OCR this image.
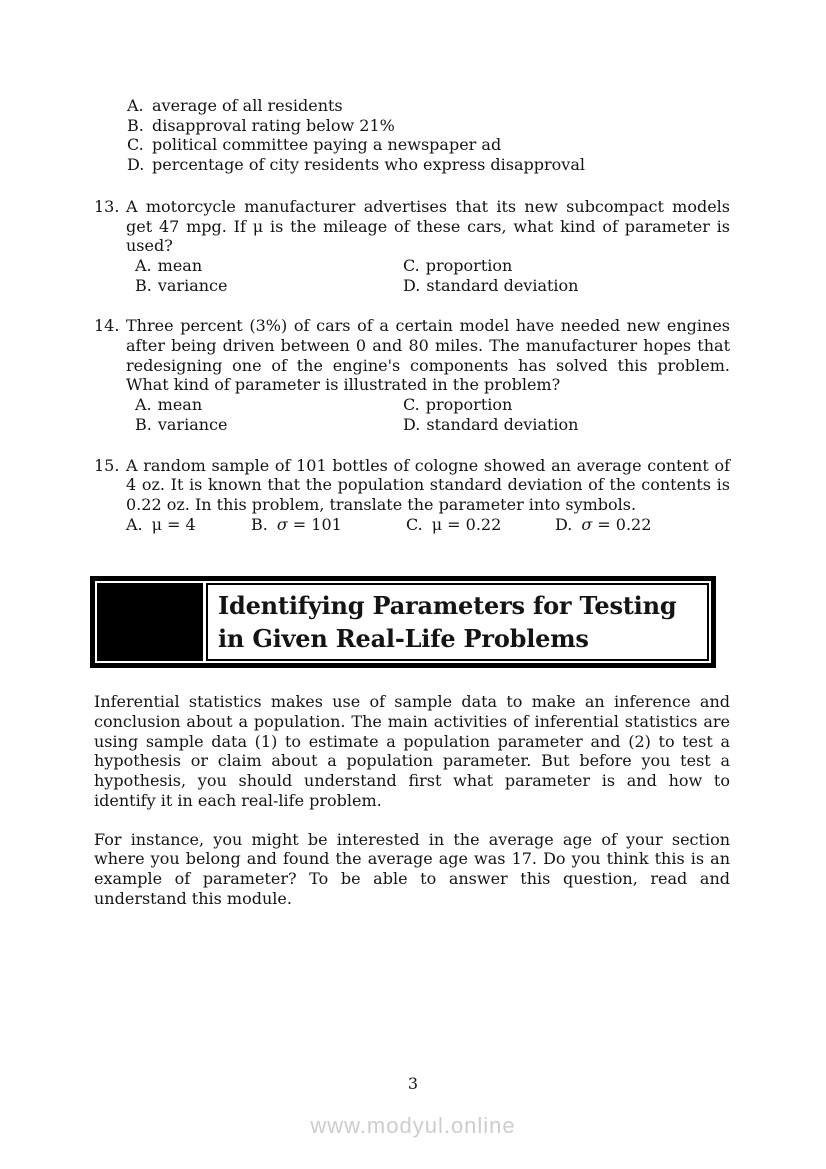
A. average of all residents
B. disapproval rating below 21%
C. political committee paying a newspaper ad
D. percentage of city residents who express disapproval
13. A motorcycle manufacturer advertises that its new subcompact models get 47 mpg. If μ is the mileage of these cars, what kind of parameter is used?
A. mean	C. proportion
B. variance	D. standard deviation
14. Three percent (3%) of cars of a certain model have needed new engines after being driven between 0 and 80 miles. The manufacturer hopes that redesigning one of the engine's components has solved this problem. What kind of parameter is illustrated in the problem?
A. mean	C. proportion
B. variance	D. standard deviation
15. A random sample of 101 bottles of cologne showed an average content of 4 oz. It is known that the population standard deviation of the contents is 0.22 oz. In this problem, translate the parameter into symbols.
A. μ = 4	B. σ = 101	C. μ = 0.22	D. σ = 0.22
Identifying Parameters for Testing
in Given Real-Life Problems

Inferential statistics makes use of sample data to make an inference and conclusion about a population. The main activities of inferential statistics are using sample data (1) to estimate a population parameter and (2) to test a hypothesis or claim about a population parameter. But before you test a hypothesis, you should understand first what parameter is and how to identify it in each real-life problem.

For instance, you might be interested in the average age of your section where you belong and found the average age was 17. Do you think this is an example of parameter? To be able to answer this question, read and understand this module.

3
www.modyul.online
